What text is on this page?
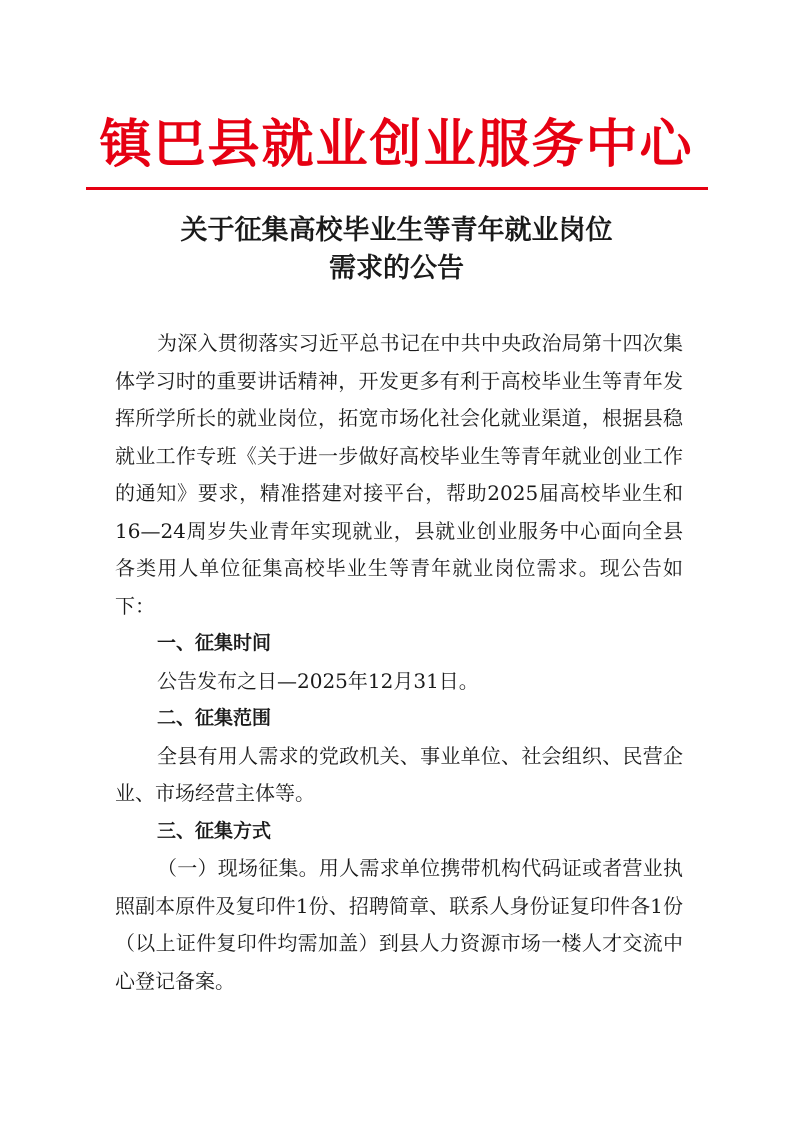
镇巴县就业创业服务中心
关于征集高校毕业生等青年就业岗位
需求的公告

为深入贯彻落实习近平总书记在中共中央政治局第十四次集体学习时的重要讲话精神，开发更多有利于高校毕业生等青年发挥所学所长的就业岗位，拓宽市场化社会化就业渠道，根据县稳就业工作专班《关于进一步做好高校毕业生等青年就业创业工作的通知》要求，精准搭建对接平台，帮助2025届高校毕业生和16—24周岁失业青年实现就业，县就业创业服务中心面向全县各类用人单位征集高校毕业生等青年就业岗位需求。现公告如下：

一、征集时间

公告发布之日—2025年12月31日。

二、征集范围

全县有用人需求的党政机关、事业单位、社会组织、民营企业、市场经营主体等。

三、征集方式

（一）现场征集。用人需求单位携带机构代码证或者营业执照副本原件及复印件1份、招聘简章、联系人身份证复印件各1份（以上证件复印件均需加盖）到县人力资源市场一楼人才交流中心登记备案。
